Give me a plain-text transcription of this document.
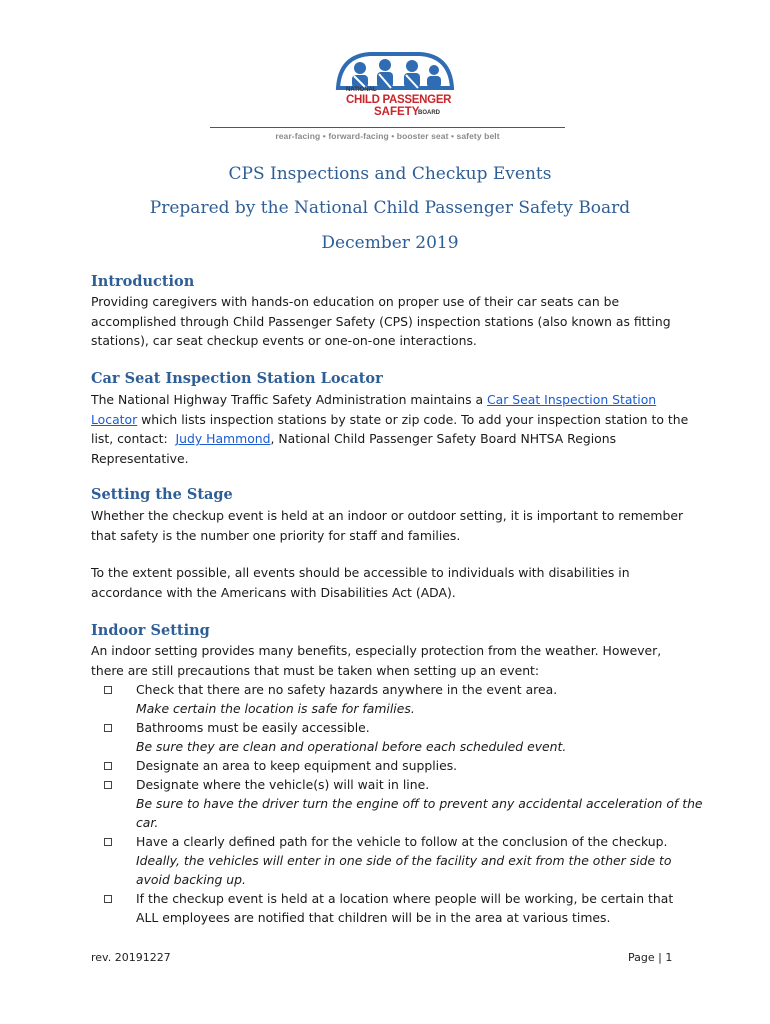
NATIONAL
CHILD PASSENGER
SAFETY
BOARD
rear-facing • forward-facing • booster seat • safety belt
CPS Inspections and Checkup Events
Prepared by the National Child Passenger Safety Board
December 2019
Introduction
Providing caregivers with hands-on education on proper use of their car seats can be
accomplished through Child Passenger Safety (CPS) inspection stations (also known as fitting
stations), car seat checkup events or one-on-one interactions.
Car Seat Inspection Station Locator
The National Highway Traffic Safety Administration maintains a Car Seat Inspection Station
Locator which lists inspection stations by state or zip code. To add your inspection station to the
list, contact:  Judy Hammond, National Child Passenger Safety Board NHTSA Regions
Representative.
Setting the Stage
Whether the checkup event is held at an indoor or outdoor setting, it is important to remember
that safety is the number one priority for staff and families.
To the extent possible, all events should be accessible to individuals with disabilities in
accordance with the Americans with Disabilities Act (ADA).
Indoor Setting
An indoor setting provides many benefits, especially protection from the weather. However,
there are still precautions that must be taken when setting up an event:
Check that there are no safety hazards anywhere in the event area.
Make certain the location is safe for families.
Bathrooms must be easily accessible.
Be sure they are clean and operational before each scheduled event.
Designate an area to keep equipment and supplies.
Designate where the vehicle(s) will wait in line.
Be sure to have the driver turn the engine off to prevent any accidental acceleration of the
car.
Have a clearly defined path for the vehicle to follow at the conclusion of the checkup.
Ideally, the vehicles will enter in one side of the facility and exit from the other side to
avoid backing up.
If the checkup event is held at a location where people will be working, be certain that
ALL employees are notified that children will be in the area at various times.
rev. 20191227	Page | 1
